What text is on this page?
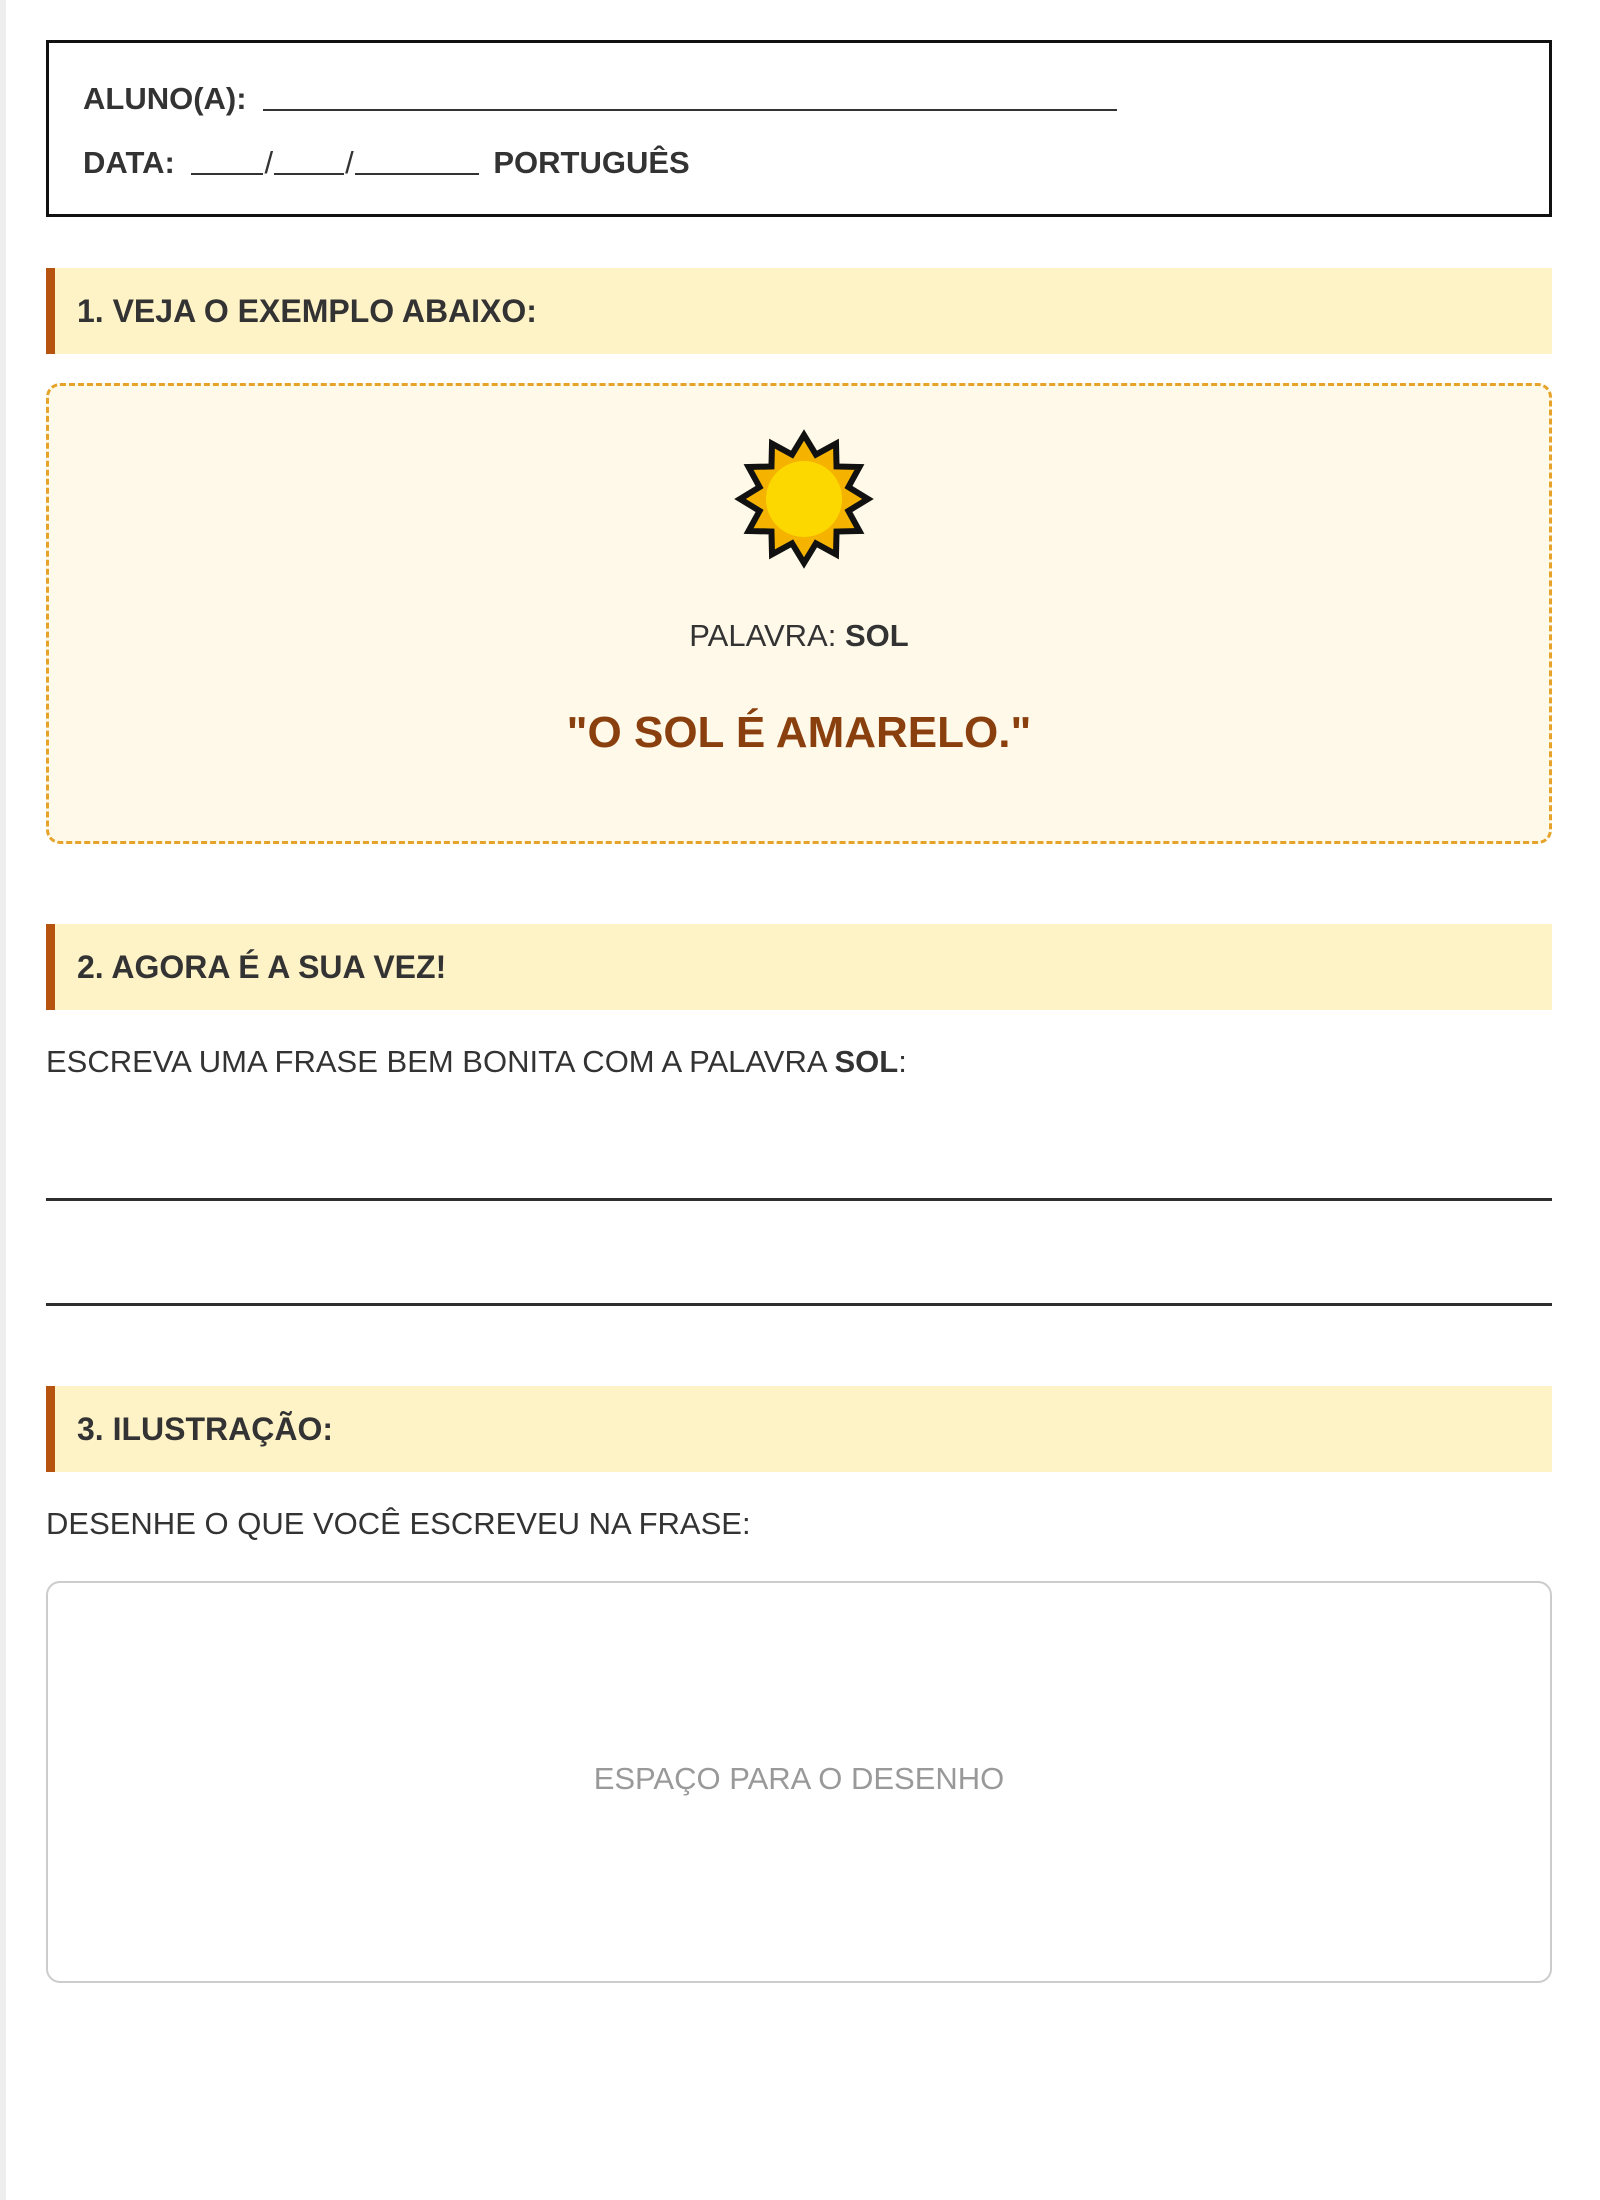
ALUNO(A):
DATA:	/ /	PORTUGUÊS
1. VEJA O EXEMPLO ABAIXO:
PALAVRA: SOL
"O SOL É AMARELO."
2. AGORA É A SUA VEZ!
ESCREVA UMA FRASE BEM BONITA COM A PALAVRA SOL:
3. ILUSTRAÇÃO:
DESENHE O QUE VOCÊ ESCREVEU NA FRASE:
ESPAÇO PARA O DESENHO
